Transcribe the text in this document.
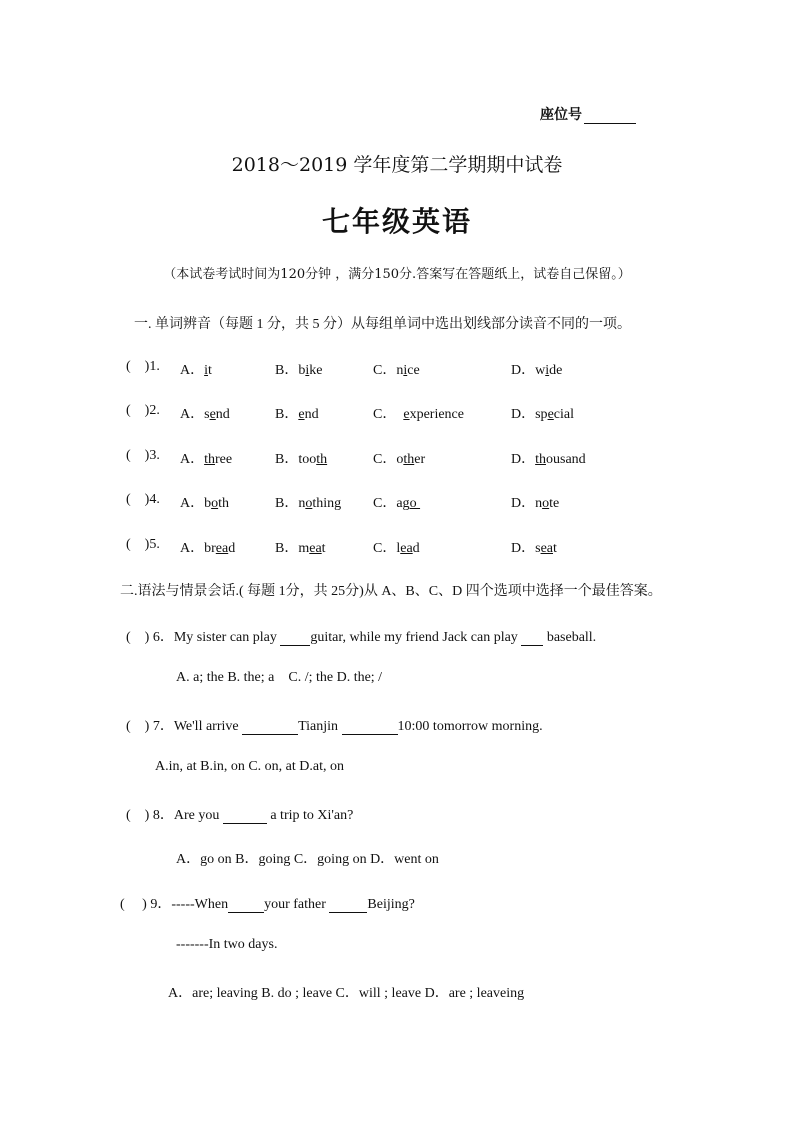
座位号
2018～2019 学年度第二学期期中试卷
七年级英语
（本试卷考试时间为120分钟 ，满分150分.答案写在答题纸上，试卷自己保留。）
一. 单词辨音（每题 1 分，共 5 分）从每组单词中选出划线部分读音不同的一项。
( )1. A．it	B．bike	C．nice	D．wide
( )2. A．send	B．end	C．  experience	D．special
( )3. A．three	B．tooth	C．other	D．thousand
( )4. A．both	B．nothing C．ago	D．note
( )5. A．bread	B．meat	C．lead	D．seat
二.语法与情景会话.( 每题 1分，共 25分)从 A、B、C、D 四个选项中选择一个最佳答案。
(    ) 6．My sister can play guitar, while my friend Jack can play  baseball.
A. a; the B. the; a  C. /; the D. the; /
(    ) 7．We'll arrive	Tianjin	10:00 tomorrow morning.
A.in, at B.in, on C. on, at D.at, on
(    ) 8．Are you	a trip to Xi'an?
A．go on B．going C．going on D．went on
(     ) 9．-----When	your father	Beijing?
-------In two days.
A．are; leaving B. do ; leave C．will ; leave D．are ; leaveing
